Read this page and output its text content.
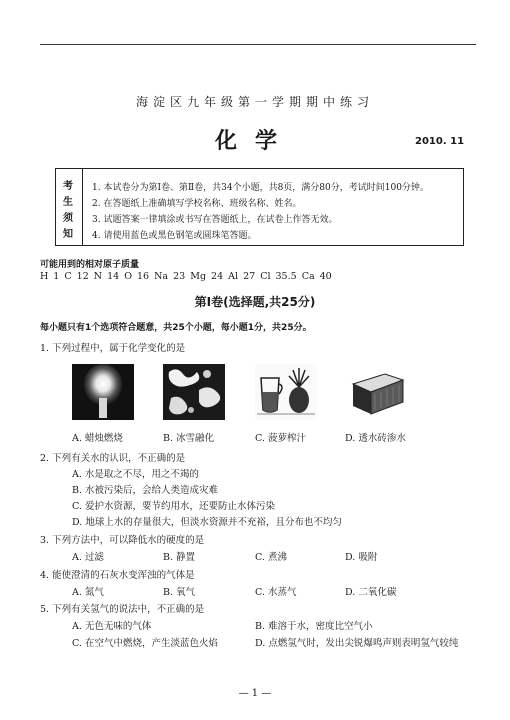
海淀区九年级第一学期期中练习
化学	2010. 11
考
生
须
知
1. 本试卷分为第Ⅰ卷、第Ⅱ卷，共34个小题，共8页，满分80分，考试时间100分钟。
2. 在答题纸上准确填写学校名称、班级名称、姓名。
3. 试题答案一律填涂或书写在答题纸上，在试卷上作答无效。
4. 请使用蓝色或黑色钢笔或圆珠笔答题。
可能用到的相对原子质量
H 1 C 12 N 14 O 16 Na 23 Mg 24 Al 27 Cl 35.5 Ca 40
第Ⅰ卷(选择题,共25分)
每小题只有1个选项符合题意，共25个小题，每小题1分，共25分。
1. 下列过程中，属于化学变化的是
A. 蜡烛燃烧	B. 冰雪融化	C. 菠萝榨汁	D. 透水砖渗水
2. 下列有关水的认识，不正确的是
A. 水是取之不尽，用之不竭的
B. 水被污染后，会给人类造成灾难
C. 爱护水资源，要节约用水，还要防止水体污染
D. 地球上水的存量很大，但淡水资源并不充裕，且分布也不均匀
3. 下列方法中，可以降低水的硬度的是
A. 过滤	B. 静置	C. 煮沸	D. 吸附
4. 能使澄清的石灰水变浑浊的气体是
A. 氮气	B. 氧气	C. 水蒸气	D. 二氧化碳
5. 下列有关氢气的说法中，不正确的是
A. 无色无味的气体	B. 难溶于水，密度比空气小
C. 在空气中燃烧，产生淡蓝色火焰	D. 点燃氢气时，发出尖锐爆鸣声则表明氢气较纯
— 1 —
